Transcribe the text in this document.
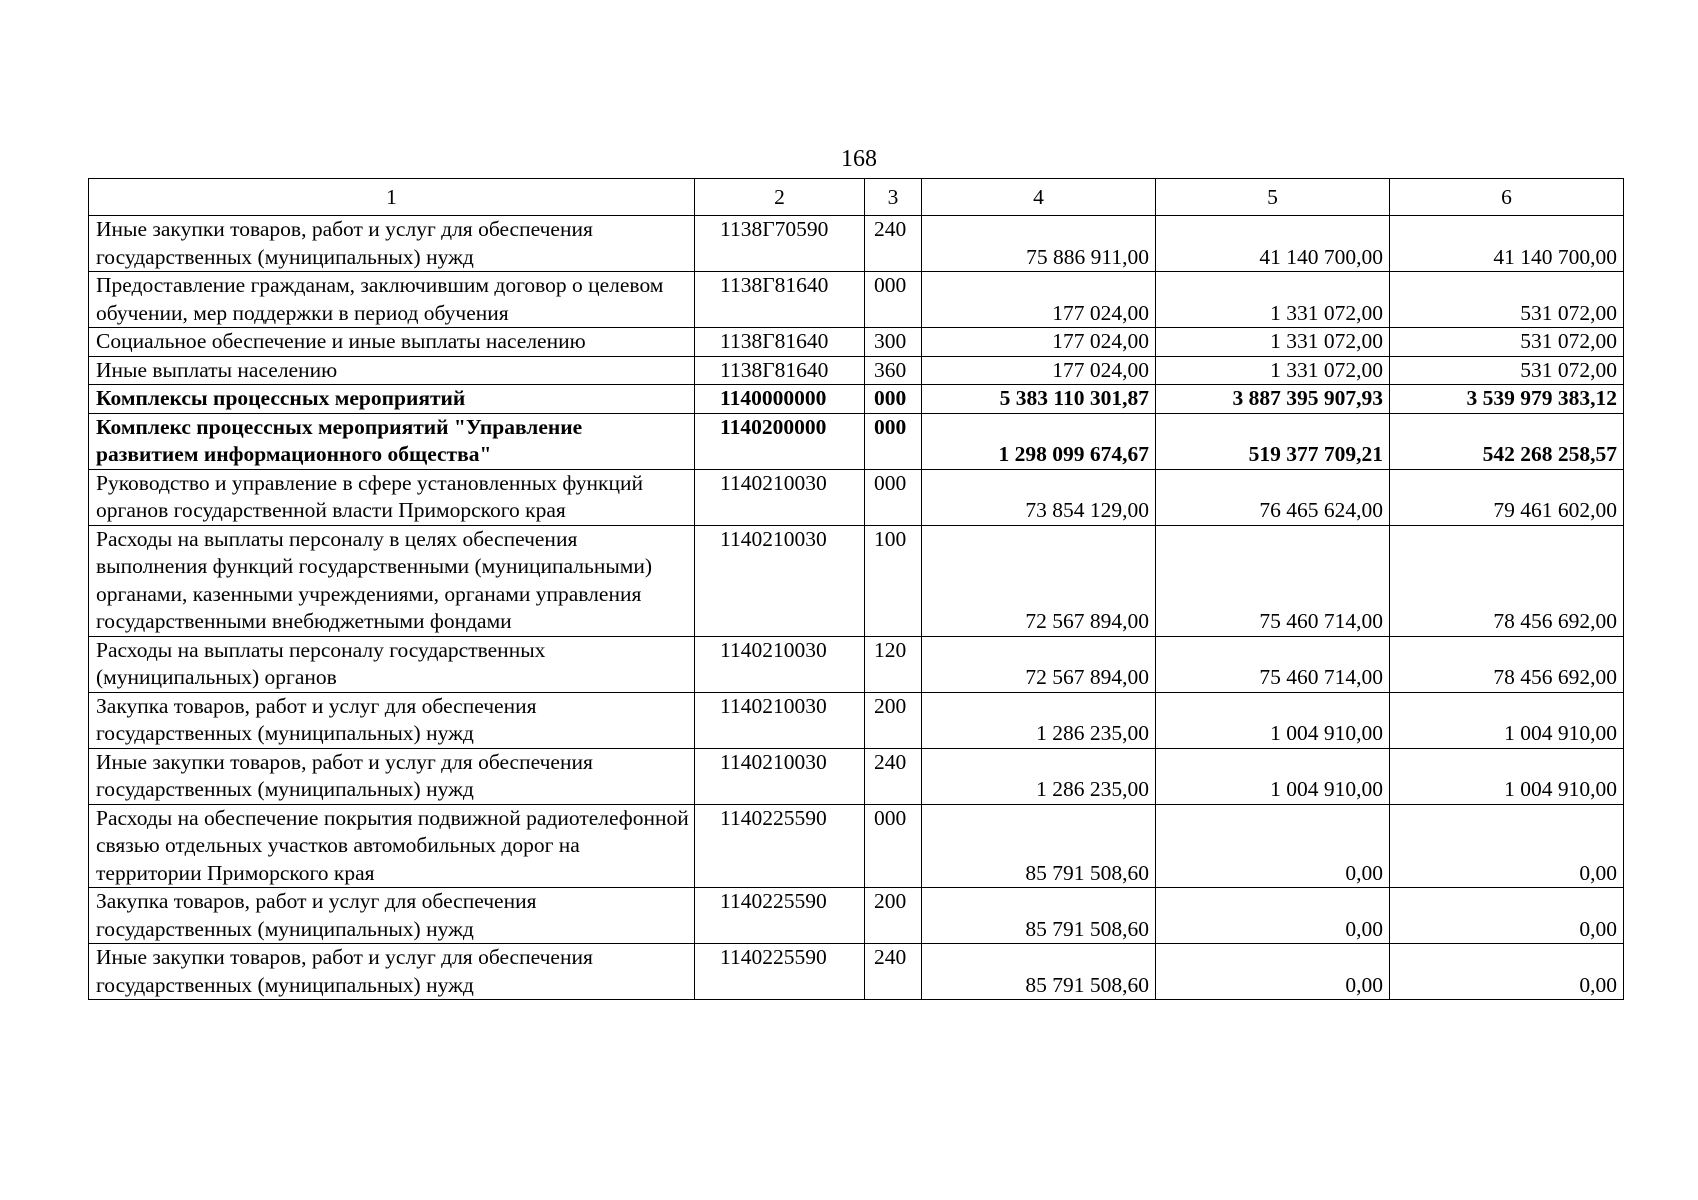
168
1	2	3	4	5	6
Иные закупки товаров, работ и услуг для обеспечения государственных (муниципальных) нужд	1138Г70590	240	75 886 911,00	41 140 700,00	41 140 700,00
Предоставление гражданам, заключившим договор о целевом обучении, мер поддержки в период обучения	1138Г81640	000	177 024,00	1 331 072,00	531 072,00
Социальное обеспечение и иные выплаты населению	1138Г81640	300	177 024,00	1 331 072,00	531 072,00
Иные выплаты населению	1138Г81640	360	177 024,00	1 331 072,00	531 072,00
Комплексы процессных мероприятий	1140000000	000	5 383 110 301,87	3 887 395 907,93	3 539 979 383,12
Комплекс процессных мероприятий "Управление развитием информационного общества"	1140200000	000	1 298 099 674,67	519 377 709,21	542 268 258,57
Руководство и управление в сфере установленных функций органов государственной власти Приморского края	1140210030	000	73 854 129,00	76 465 624,00	79 461 602,00
Расходы на выплаты персоналу в целях обеспечения выполнения функций государственными (муниципальными) органами, казенными учреждениями, органами управления государственными внебюджетными фондами	1140210030	100	72 567 894,00	75 460 714,00	78 456 692,00
Расходы на выплаты персоналу государственных (муниципальных) органов	1140210030	120	72 567 894,00	75 460 714,00	78 456 692,00
Закупка товаров, работ и услуг для обеспечения государственных (муниципальных) нужд	1140210030	200	1 286 235,00	1 004 910,00	1 004 910,00
Иные закупки товаров, работ и услуг для обеспечения государственных (муниципальных) нужд	1140210030	240	1 286 235,00	1 004 910,00	1 004 910,00
Расходы на обеспечение покрытия подвижной радиотелефонной связью отдельных участков автомобильных дорог на территории Приморского края	1140225590	000	85 791 508,60	0,00	0,00
Закупка товаров, работ и услуг для обеспечения государственных (муниципальных) нужд	1140225590	200	85 791 508,60	0,00	0,00
Иные закупки товаров, работ и услуг для обеспечения государственных (муниципальных) нужд	1140225590	240	85 791 508,60	0,00	0,00
